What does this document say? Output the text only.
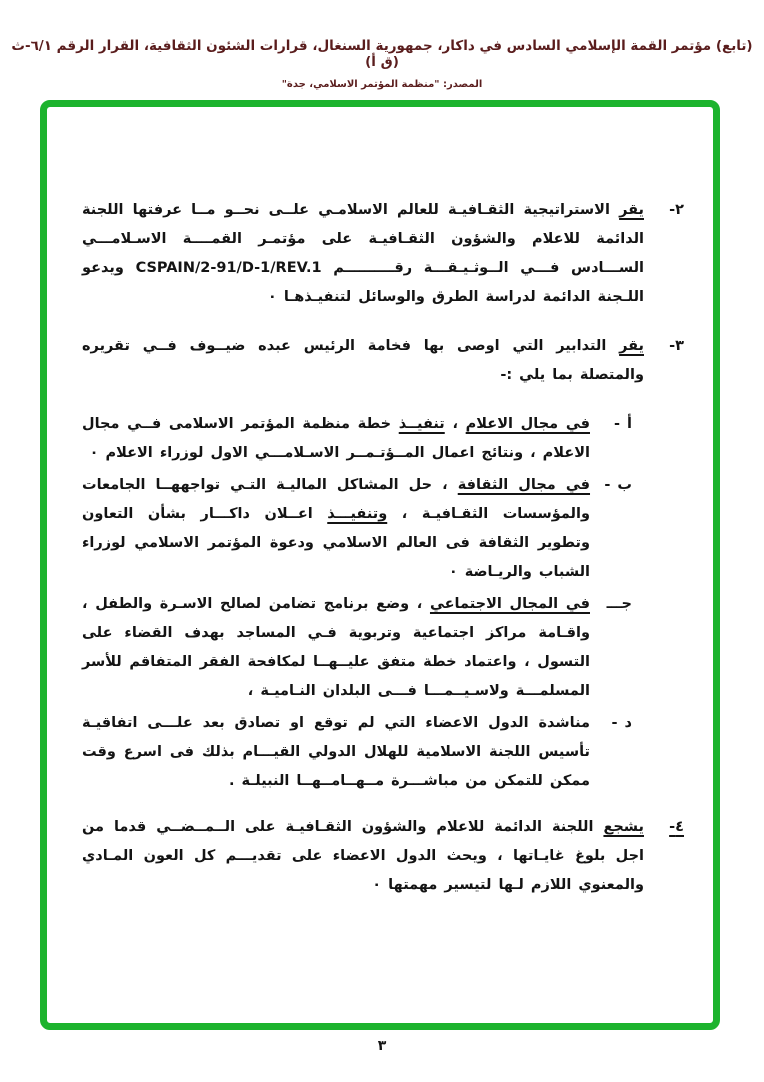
(تابع) مؤتمر القمة الإسلامي السادس في داكار، جمهورية السنغال، قرارات الشئون الثقافية، القرار الرقم ٦/١-ث (ق أ)
المصدر: "منظمة المؤتمر الاسلامي، جدة"
٢-
يقر الاستراتيجية الثقـافيـة للعالم الاسلامـي علــى نحــو مــا عرفتها اللجنة الدائمة للاعلام والشؤون الثقـافيـة على مؤتمـر القمــــة الاسـلامـــي الســـادس فـــي الــوثـيـقـــة رقــــــــــم CSPAIN/2-91/D-1/REV.1 ويدعو اللـجنة الدائمة لدراسة الطرق والوسائل لتنفيـذهـا ٠
٣-
يقر التدابير التي اوصى بها فخامة الرئيس عبده ضيــوف فــي تقريره والمتصلة بما يلي :-
أ -
في مجال الاعلام ، تنفيــذ خطة منظمة المؤتمر الاسلامى فــي مجال الاعلام ، ونتائج اعمال المــؤتـمــر الاسـلامـــي الاول لوزراء الاعلام ٠
ب -
في مجال الثقافة ، حل المشاكل الماليـة التـي تواجههــا الجامعات والمؤسسات الثقـافيـة ، وتنفيـــذ اعــلان داكـــار بشأن التعاون وتطوير الثقافة فى العالم الاسلامي ودعوة المؤتمر الاسلامي لوزراء الشباب والريـاضة ٠
جـــ
في المجال الاجتماعي ، وضع برنامج تضامن لصالح الاسـرة والطفل ، واقـامة مراكز اجتماعية وتربوية فـي المساجد بهدف القضاء على التسول ، واعتماد خطة متفق عليــهــا لمكافحة الفقر المتفاقم للأسر المسلمـــة ولاسـيــمـــا فـــى البلدان النـاميـة ،
د -
مناشدة الدول الاعضاء التي لم توقع او تصادق بعد علـــى اتفاقيـة تأسيس اللجنة الاسلامية للهلال الدولي القيـــام بذلك فى اسرع وقت ممكن للتمكن من مباشـــرة مــهــامــهــا النبيلـة .
٤-
يشجع اللجنة الدائمة للاعلام والشؤون الثقـافيـة على الــمــضــي قدما من اجل بلوغ غايـاتها ، ويحث الدول الاعضاء على تقديـــم كل العون المـادي والمعنوي اللازم لـها لتيسير مهمتها ٠
٣
